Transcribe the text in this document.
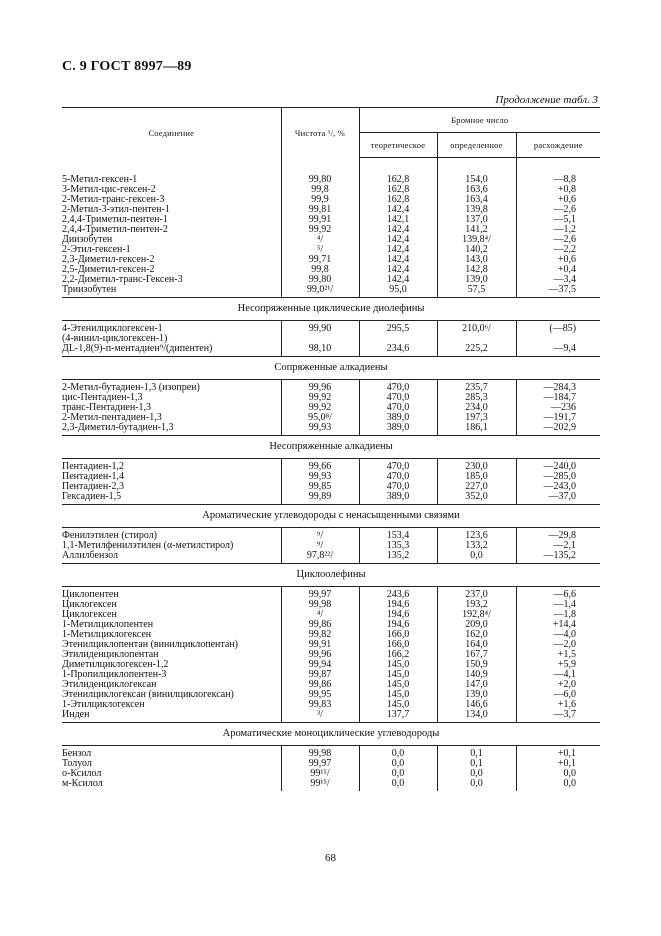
С. 9 ГОСТ 8997—89
Продолжение табл. 3
Соединение	Чистота ¹/, %	Бромное число		
		теоретическое	определенное	расхождение

5-Метил-гексен-1	99,80	162,8	154,0	—8,8
3-Метил-цис-гексен-2	99,8	162,8	163,6	+0,8
2-Метил-транс-гексен-3	99,9	162,8	163,4	+0,6
2-Метил-3-этил-пентен-1	99,81	142,4	139,8	—2,6
2,4,4-Триметил-пентен-1	99,91	142,1	137,0	—5,1
2,4,4-Триметил-пентен-2	99,92	142,4	141,2	—1,2
Диизобутен	⁴/	142,4	139,8⁴/	—2,6
2-Этил-гексен-1	⁵/	142,4	140,2	—2,2
2,3-Диметил-гексен-2	99,71	142,4	143,0	+0,6
2,5-Диметил-гексен-2	99,8	142,4	142,8	+0,4
2,2-Диметил-транс-Гексен-3	99,80	142,4	139,0	—3,4
Триизобутен	99,0²¹/	95,0	57,5	—37,5
Несопряженные циклические диолефины				
4-Этенилциклогексен-1	99,90	295,5	210,0⁶/	(—85)
(4-винил-циклогексен-1)				
ДL-1,8(9)-п-ментадиен⁹/(дипентен)	98,10	234,6	225,2	—9,4
Сопряженные алкадиены				
2-Метил-бутадиен-1,3 (изопрен)	99,96	470,0	235,7	—284,3
цис-Пентадиен-1,3	99,92	470,0	285,3	—184,7
транс-Пентадиен-1,3	99,92	470,0	234,0	—236
2-Метил-пентадиен-1,3	95,0⁸/	389,0	197,3	—191,7
2,3-Диметил-бутадиен-1,3	99,93	389,0	186,1	—202,9
Несопряженные алкадиены				
Пентадиен-1,2	99,66	470,0	230,0	—240,0
Пентадиен-1,4	99,93	470,0	185,0	—285,0
Пентадиен-2,3	99,85	470,0	227,0	—243,0
Гексадиен-1,5	99,89	389,0	352,0	—37,0
Ароматические углеводороды с ненасыщенными связями				
Фенилэтилен (стирол)	⁹/	153,4	123,6	—29,8
1,1-Метилфенилэтилен (α-метилстирол)	⁹/	135,3	133,2	—2,1
Аллилбензол	97,8²²/	135,2	0,0	—135,2
Циклоолефины				
Циклопентен	99,97	243,6	237,0	—6,6
Циклогексен	99,98	194,6	193,2	—1,4
Циклогексен	⁴/	194,6	192,8⁴/	—1,8
1-Метилциклопентен	99,86	194,6	209,0	+14,4
1-Метилциклогексен	99,82	166,0	162,0	—4,0
Этенилциклопентан (винилциклопентан)	99,91	166,0	164,0	—2,0
Этилиденциклопентан	99,96	166,2	167,7	+1,5
Диметилциклогексен-1,2	99,94	145,0	150,9	+5,9
1-Пропилциклопентен-3	99,87	145,0	140,9	—4,1
Этилиденциклогексан	99,86	145,0	147,0	+2,0
Этенилциклогексан (винилциклогексан)	99,95	145,0	139,0	—6,0
1-Этилциклогексен	99,83	145,0	146,6	+1,6
Инден	³/	137,7	134,0	—3,7
Ароматические моноциклические углеводороды				
Бензол	99,98	0,0	0,1	+0,1
Толуол	99,97	0,0	0,1	+0,1
о-Ксилол	99¹⁵/	0,0	0,0	0,0
м-Ксилол	99¹⁵/	0,0	0,0	0,0
68
